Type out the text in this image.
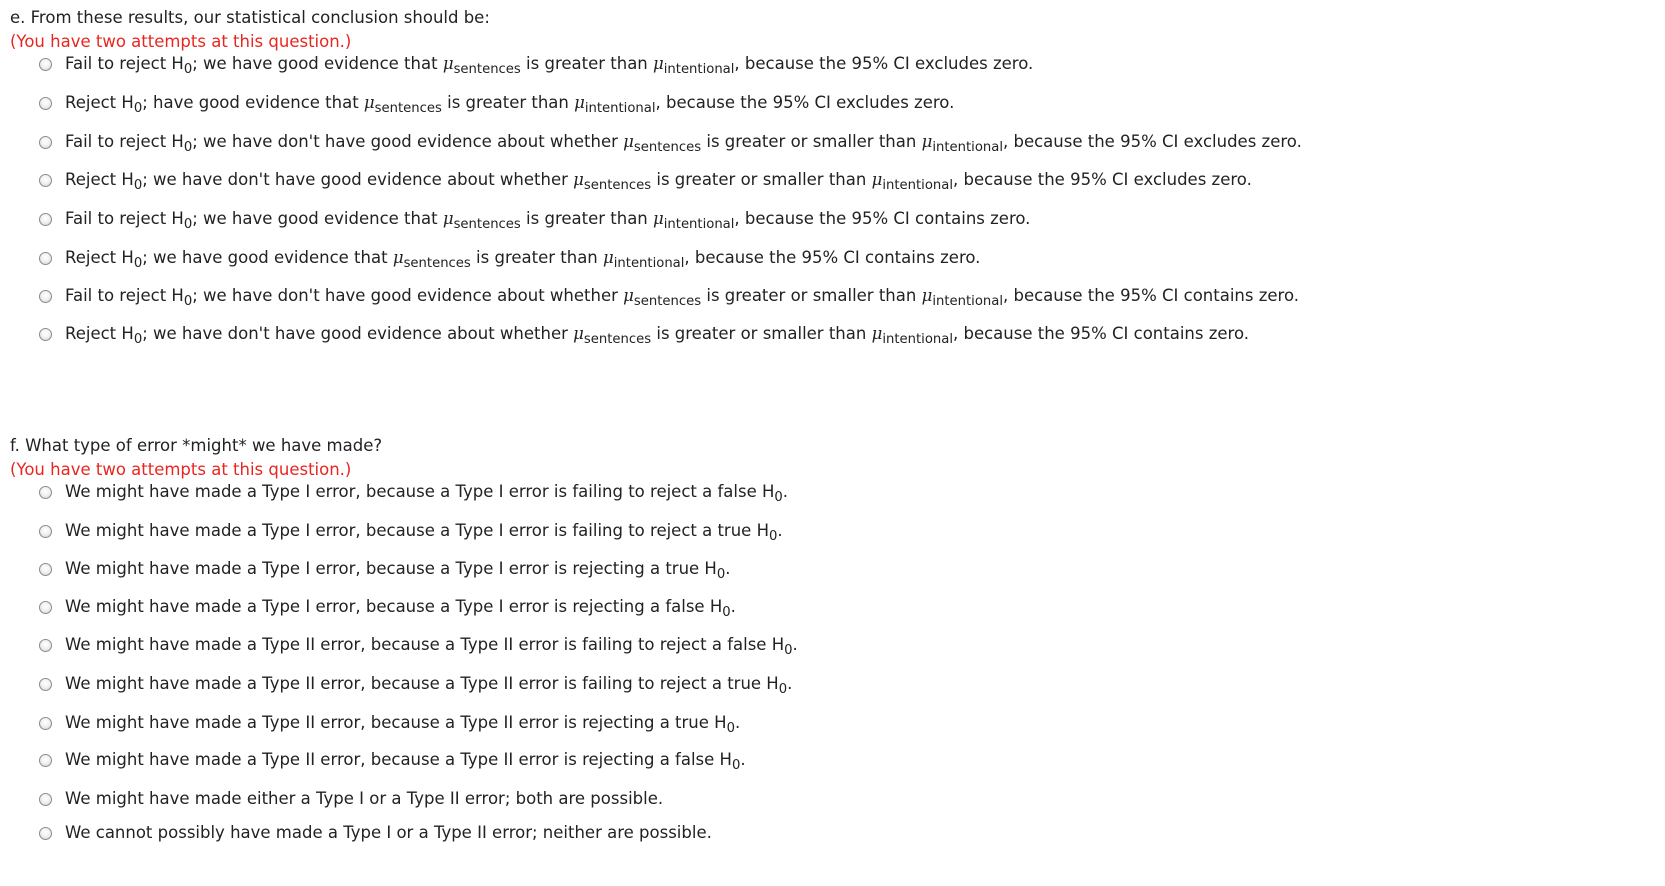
e. From these results, our statistical conclusion should be:
(You have two attempts at this question.)
Fail to reject $H_0$; we have good evidence that $\mu_{sentences}$ is greater than $\mu_{intentional}$, because the 95% CI excludes zero.
Reject $H_0$; have good evidence that $\mu_{sentences}$ is greater than $\mu_{intentional}$, because the 95% CI excludes zero.
Fail to reject $H_0$; we have don't have good evidence about whether $\mu_{sentences}$ is greater or smaller than $\mu_{intentional}$, because the 95% CI excludes zero.
Reject $H_0$; we have don't have good evidence about whether $\mu_{sentences}$ is greater or smaller than $\mu_{intentional}$, because the 95% CI excludes zero.
Fail to reject $H_0$; we have good evidence that $\mu_{sentences}$ is greater than $\mu_{intentional}$, because the 95% CI contains zero.
Reject $H_0$; we have good evidence that $\mu_{sentences}$ is greater than $\mu_{intentional}$, because the 95% CI contains zero.
Fail to reject $H_0$; we have don't have good evidence about whether $\mu_{sentences}$ is greater or smaller than $\mu_{intentional}$, because the 95% CI contains zero.
Reject $H_0$; we have don't have good evidence about whether $\mu_{sentences}$ is greater or smaller than $\mu_{intentional}$, because the 95% CI contains zero.
f. What type of error *might* we have made?
(You have two attempts at this question.)
We might have made a Type I error, because a Type I error is failing to reject a false $H_0$.
We might have made a Type I error, because a Type I error is failing to reject a true $H_0$.
We might have made a Type I error, because a Type I error is rejecting a true $H_0$.
We might have made a Type I error, because a Type I error is rejecting a false $H_0$.
We might have made a Type II error, because a Type II error is failing to reject a false $H_0$.
We might have made a Type II error, because a Type II error is failing to reject a true $H_0$.
We might have made a Type II error, because a Type II error is rejecting a true $H_0$.
We might have made a Type II error, because a Type II error is rejecting a false $H_0$.
We might have made either a Type I or a Type II error; both are possible.
We cannot possibly have made a Type I or a Type II error; neither are possible.
